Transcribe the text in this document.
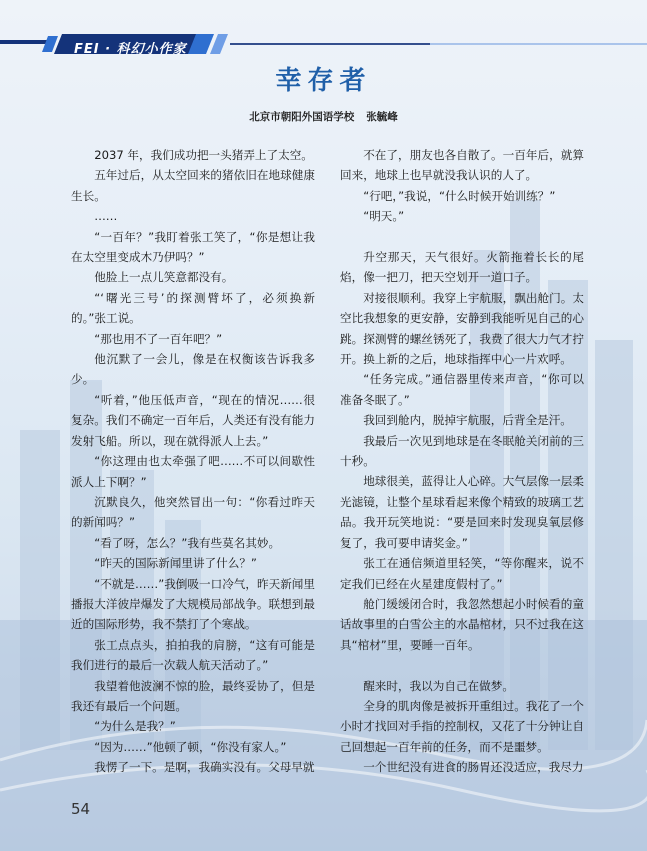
FEI · 科幻小作家
幸存者
北京市朝阳外国语学校 张毓峰

2037 年，我们成功把一头猪弄上了太空。

五年过后，从太空回来的猪依旧在地球健康生长。

……

“一百年？”我盯着张工笑了，“你是想让我在太空里变成木乃伊吗？”

他脸上一点儿笑意都没有。

“‘曙光三号’的探测臂坏了，必须换新的。”张工说。

“那也用不了一百年吧？”

他沉默了一会儿，像是在权衡该告诉我多少。

“听着，”他压低声音，“现在的情况……很复杂。我们不确定一百年后，人类还有没有能力发射飞船。所以，现在就得派人上去。”

“你这理由也太牵强了吧……不可以间歇性派人上下啊？”

沉默良久，他突然冒出一句：“你看过昨天的新闻吗？”

“看了呀，怎么？”我有些莫名其妙。

“昨天的国际新闻里讲了什么？”

“不就是……”我倒吸一口冷气，昨天新闻里播报大洋彼岸爆发了大规模局部战争。联想到最近的国际形势，我不禁打了个寒战。

张工点点头，拍拍我的肩膀，“这有可能是我们进行的最后一次载人航天活动了。”

我望着他波澜不惊的脸，最终妥协了，但是我还有最后一个问题。

“为什么是我？”

“因为……”他顿了顿，“你没有家人。”

我愣了一下。是啊，我确实没有。父母早就

不在了，朋友也各自散了。一百年后，就算回来，地球上也早就没我认识的人了。

“行吧，”我说，“什么时候开始训练？”

“明天。”

升空那天，天气很好。火箭拖着长长的尾焰，像一把刀，把天空划开一道口子。

对接很顺利。我穿上宇航服，飘出舱门。太空比我想象的更安静，安静到我能听见自己的心跳。探测臂的螺丝锈死了，我费了很大力气才拧开。换上新的之后，地球指挥中心一片欢呼。

“任务完成。”通信器里传来声音，“你可以准备冬眠了。”

我回到舱内，脱掉宇航服，后背全是汗。

我最后一次见到地球是在冬眠舱关闭前的三十秒。

地球很美，蓝得让人心碎。大气层像一层柔光滤镜，让整个星球看起来像个精致的玻璃工艺品。我开玩笑地说：“要是回来时发现臭氧层修复了，我可要申请奖金。”

张工在通信频道里轻笑，“等你醒来，说不定我们已经在火星建度假村了。”

舱门缓缓闭合时，我忽然想起小时候看的童话故事里的白雪公主的水晶棺材，只不过我在这具“棺材”里，要睡一百年。

醒来时，我以为自己在做梦。

全身的肌肉像是被拆开重组过。我花了一个小时才找回对手指的控制权，又花了十分钟让自己回想起一百年前的任务，而不是噩梦。

一个世纪没有进食的肠胃还没适应，我尽力

54
